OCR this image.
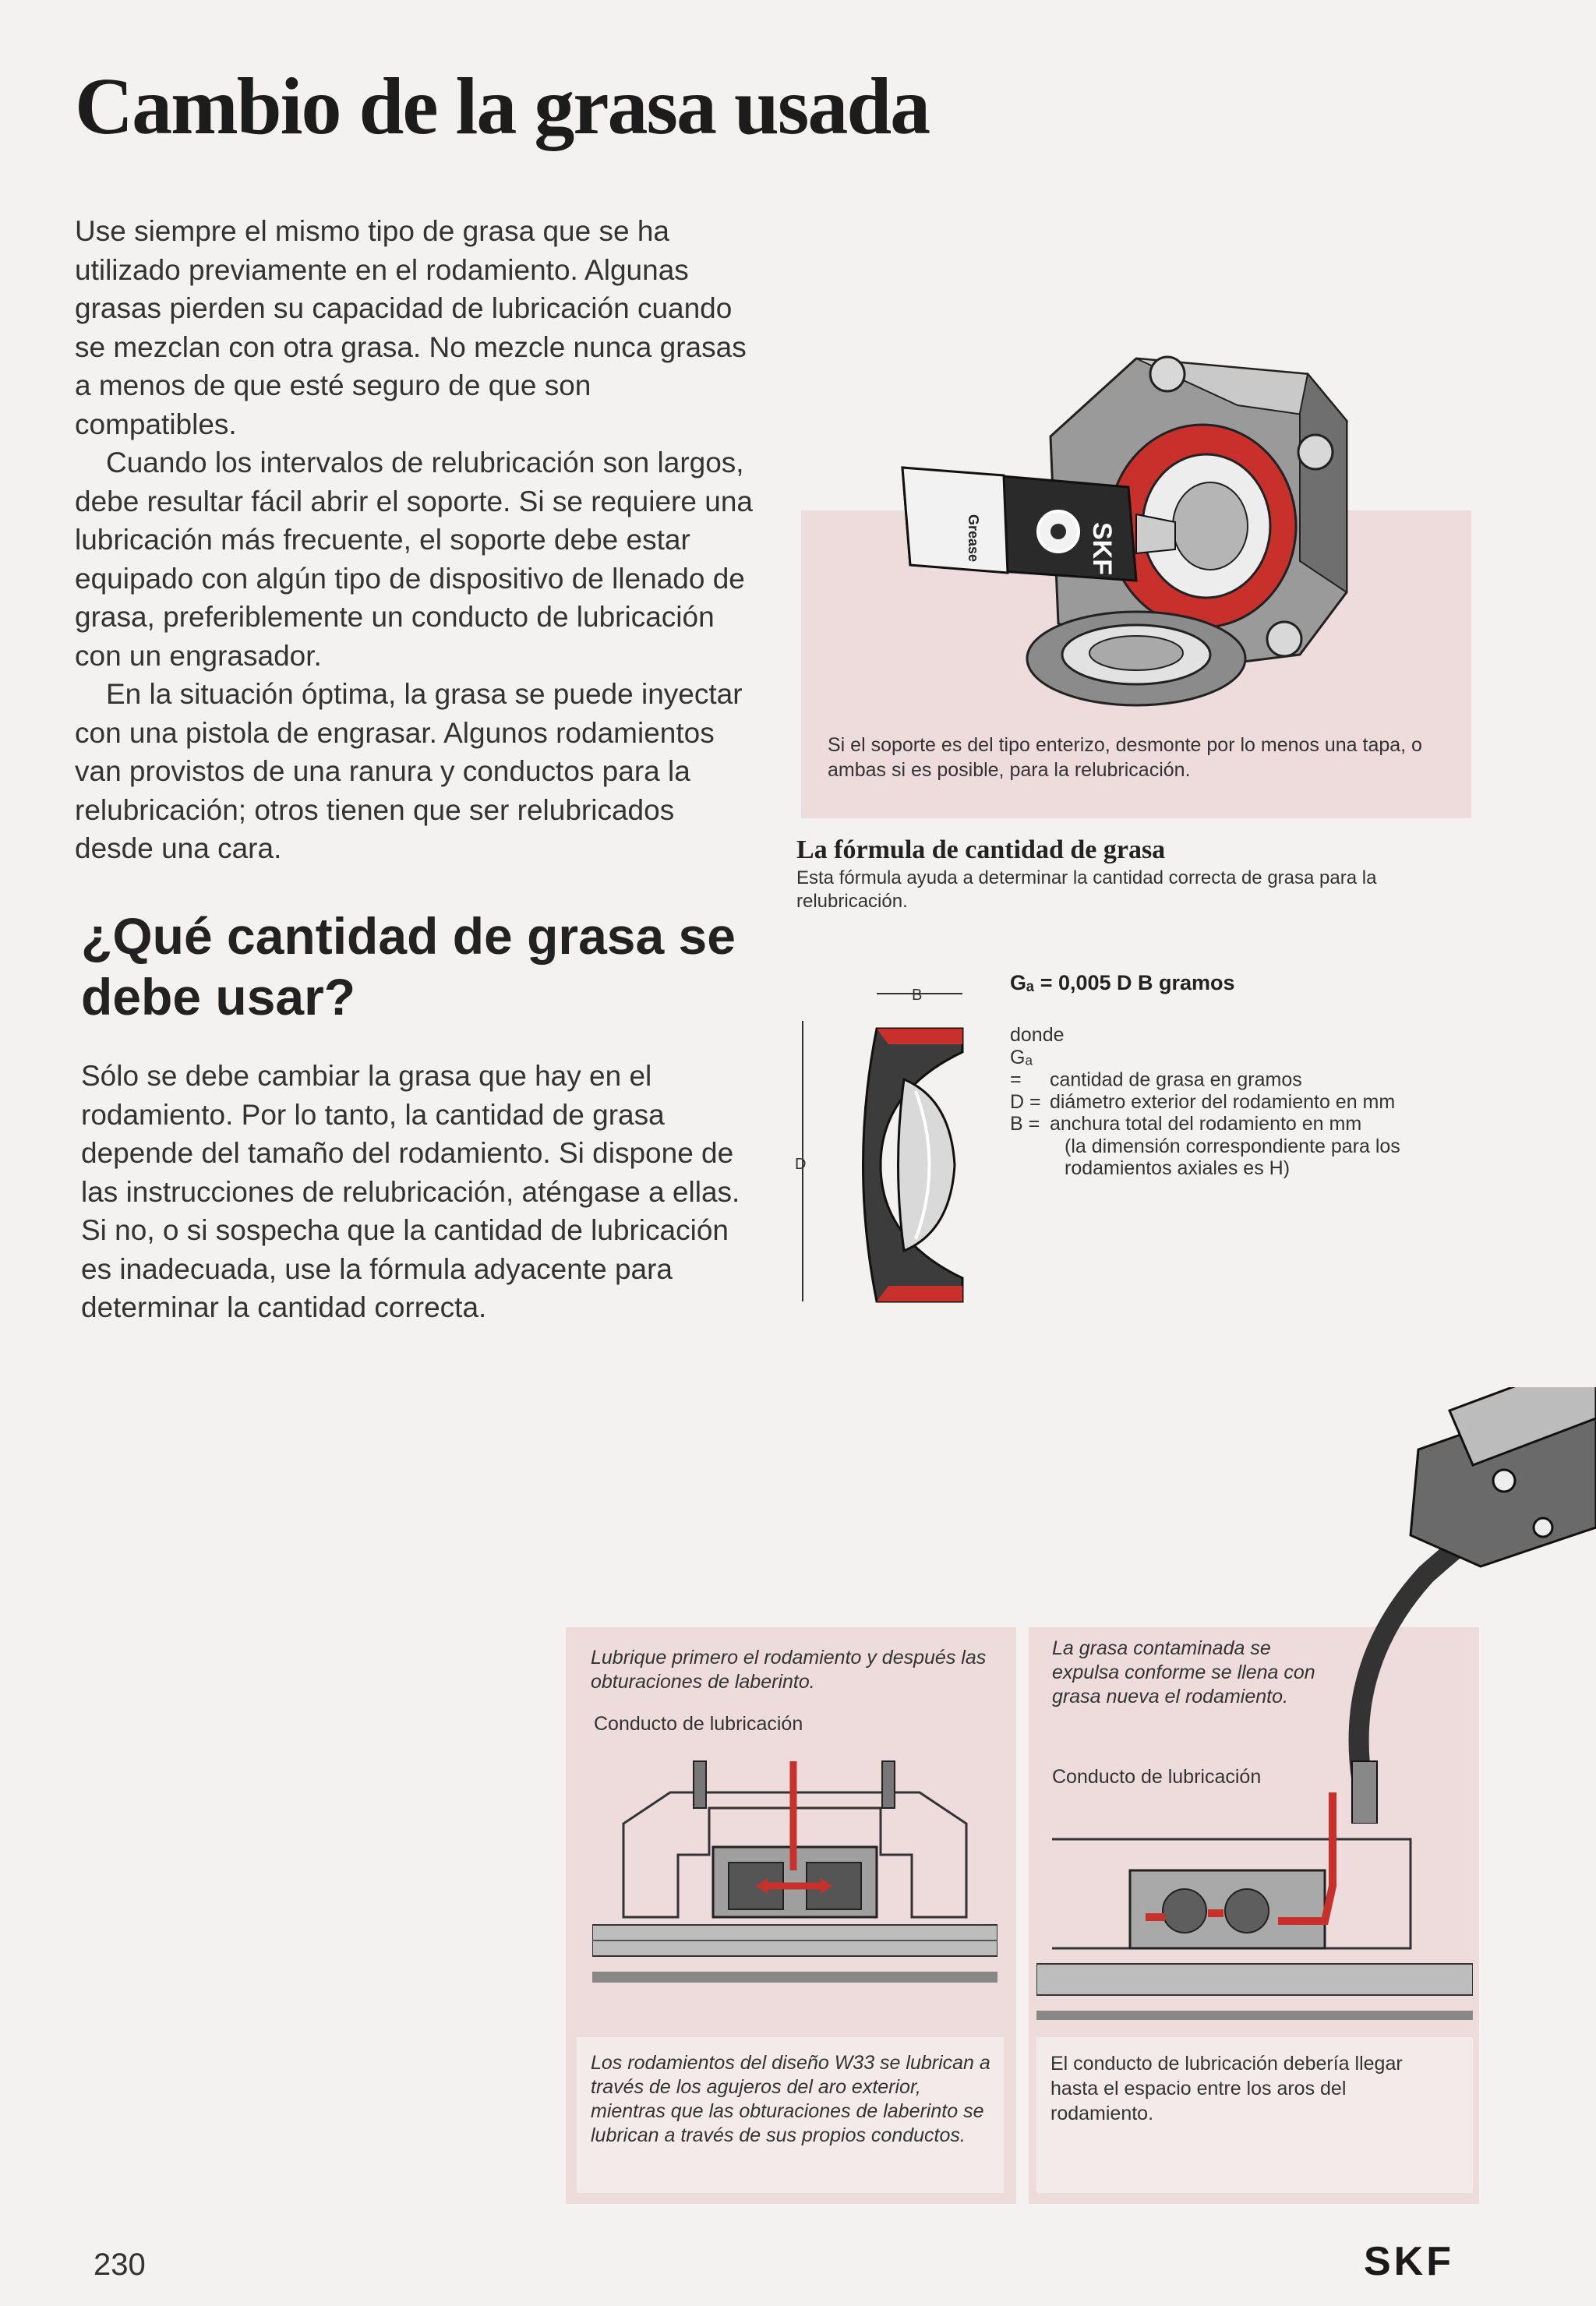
Cambio de la grasa usada

Use siempre el mismo tipo de grasa que se ha utilizado previamente en el rodamiento. Algunas grasas pierden su capacidad de lubricación cuando se mezclan con otra grasa. No mezcle nunca grasas a menos de que esté seguro de que son compatibles.

Cuando los intervalos de relubricación son largos, debe resultar fácil abrir el soporte. Si se requiere una lubricación más frecuente, el soporte debe estar equipado con algún tipo de dispositivo de llenado de grasa, preferiblemente un conducto de lubricación con un engrasador.

En la situación óptima, la grasa se puede inyectar con una pistola de engrasar. Algunos rodamientos van provistos de una ranura y conductos para la relubricación; otros tienen que ser relubricados desde una cara.

¿Qué cantidad de grasa se debe usar?
Sólo se debe cambiar la grasa que hay en el rodamiento. Por lo tanto, la cantidad de grasa depende del tamaño del rodamiento. Si dispone de las instrucciones de relubricación, aténgase a ellas. Si no, o si sospecha que la cantidad de lubricación es inadecuada, use la fórmula adyacente para determinar la cantidad correcta.
SKF
Grease
Si el soporte es del tipo enterizo, desmonte por lo menos una tapa, o ambas si es posible, para la relubricación.
La fórmula de cantidad de grasa
Esta fórmula ayuda a determinar la cantidad correcta de grasa para la relubricación.
B
D
Gₐ = 0,005 D B gramos
donde
Gₐ = cantidad de grasa en gramos
D = diámetro exterior del rodamiento en mm
B = anchura total del rodamiento en mm
(la dimensión correspondiente para los rodamientos axiales es H)
Lubrique primero el rodamiento y después las obturaciones de laberinto.
Conducto de lubricación
Los rodamientos del diseño W33 se lubrican a través de los agujeros del aro exterior, mientras que las obturaciones de laberinto se lubrican a través de sus propios conductos.
La grasa contaminada se expulsa conforme se llena con grasa nueva el rodamiento.
Conducto de lubricación
El conducto de lubricación debería llegar hasta el espacio entre los aros del rodamiento.
230	SKF
